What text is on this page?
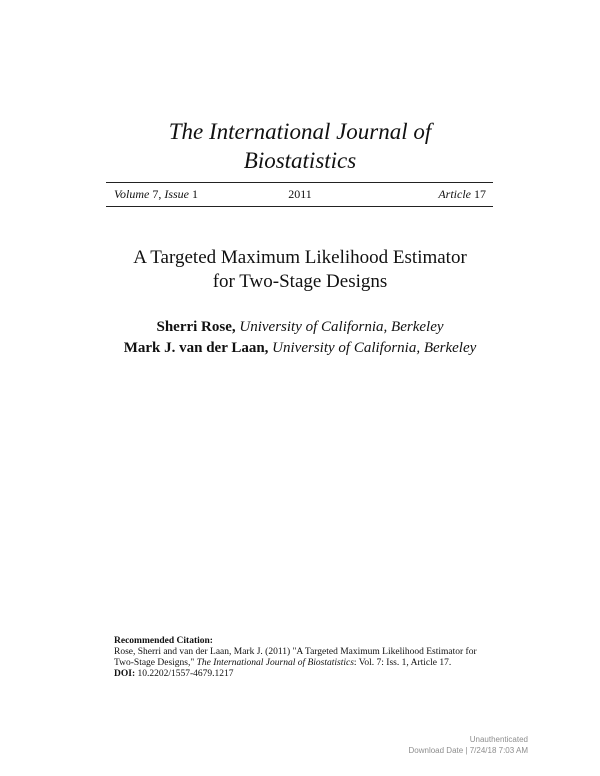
The International Journal of
Biostatistics
Volume 7, Issue 1	2011	Article 17
A Targeted Maximum Likelihood Estimator
for Two-Stage Designs
Sherri Rose, University of California, Berkeley
Mark J. van der Laan, University of California, Berkeley
Recommended Citation:
Rose, Sherri and van der Laan, Mark J. (2011) "A Targeted Maximum Likelihood Estimator for
Two-Stage Designs," The International Journal of Biostatistics: Vol. 7: Iss. 1, Article 17.
DOI: 10.2202/1557-4679.1217
Unauthenticated
Download Date | 7/24/18 7:03 AM
